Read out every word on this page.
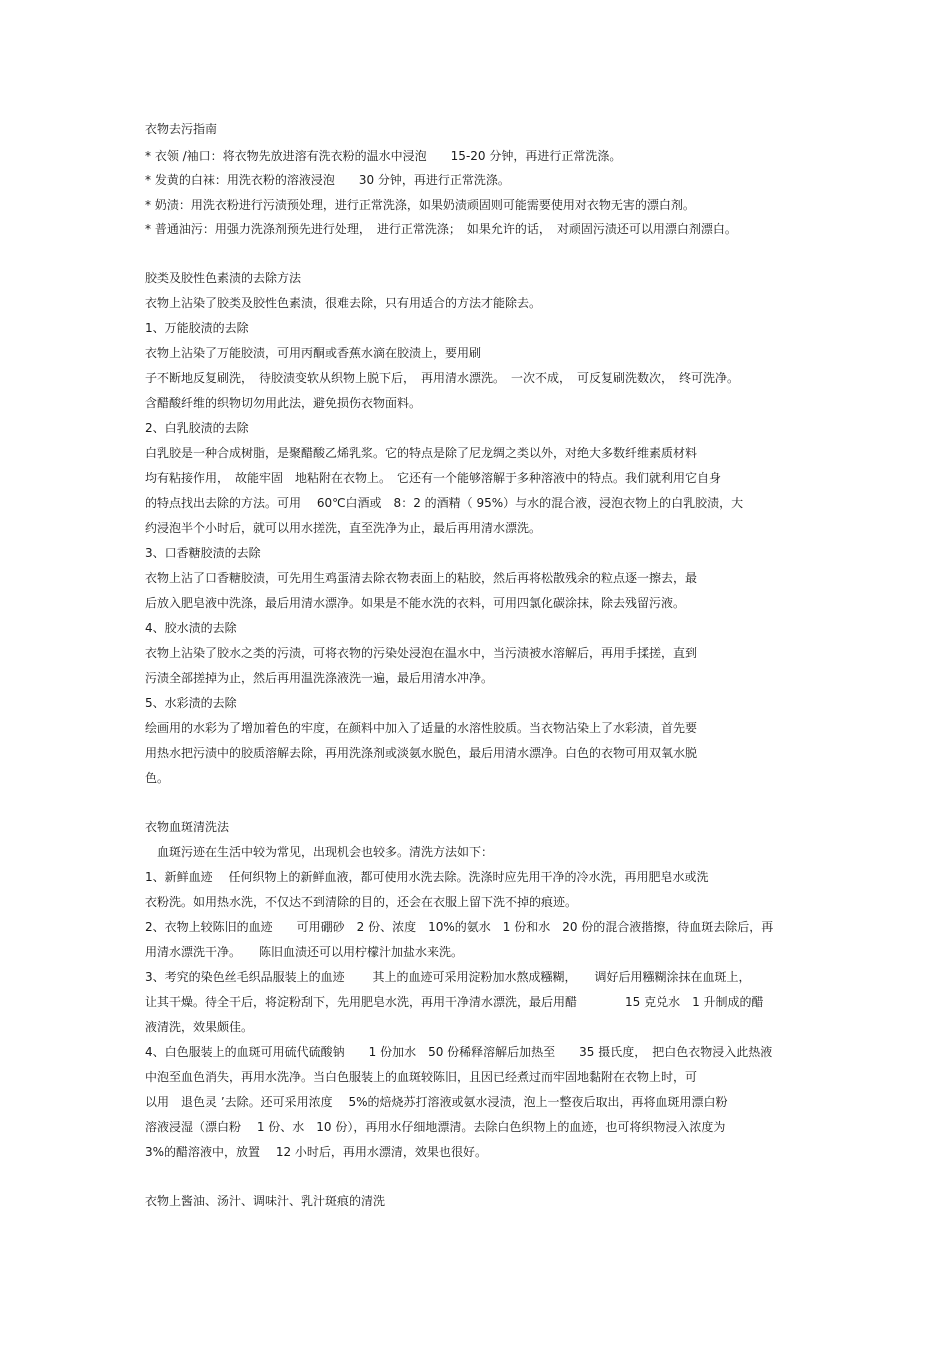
衣物去污指南
* 衣领 /袖口：将衣物先放进溶有洗衣粉的温水中浸泡　　15-20 分钟，再进行正常洗涤。
* 发黄的白袜：用洗衣粉的溶液浸泡　　30 分钟，再进行正常洗涤。
* 奶渍：用洗衣粉进行污渍预处理，进行正常洗涤，如果奶渍顽固则可能需要使用对衣物无害的漂白剂。
* 普通油污：用强力洗涤剂预先进行处理，　进行正常洗涤；　如果允许的话，　对顽固污渍还可以用漂白剂漂白。
胶类及胶性色素渍的去除方法
衣物上沾染了胶类及胶性色素渍，很难去除，只有用适合的方法才能除去。
1、万能胶渍的去除
衣物上沾染了万能胶渍，可用丙酮或香蕉水滴在胶渍上，要用刷
子不断地反复刷洗，　待胶渍变软从织物上脱下后，　再用清水漂洗。　一次不成，　可反复刷洗数次，　终可洗净。
含醋酸纤维的织物切勿用此法，避免损伤衣物面料。
2、白乳胶渍的去除
白乳胶是一种合成树脂，是聚醋酸乙烯乳浆。它的特点是除了尼龙绸之类以外，对绝大多数纤维素质材料
均有粘接作用，　故能牢固　地粘附在衣物上。　它还有一个能够溶解于多种溶液中的特点。我们就利用它自身
的特点找出去除的方法。可用　 60℃白酒或　8：2 的酒精（ 95%）与水的混合液，浸泡衣物上的白乳胶渍，大
约浸泡半个小时后，就可以用水搓洗，直至洗净为止，最后再用清水漂洗。
3、口香糖胶渍的去除
衣物上沾了口香糖胶渍，可先用生鸡蛋清去除衣物表面上的粘胶，然后再将松散残余的粒点逐一擦去，最
后放入肥皂液中洗涤，最后用清水漂净。如果是不能水洗的衣料，可用四氯化碳涂抹，除去残留污液。
4、胶水渍的去除
衣物上沾染了胶水之类的污渍，可将衣物的污染处浸泡在温水中，当污渍被水溶解后，再用手揉搓，直到
污渍全部搓掉为止，然后再用温洗涤液洗一遍，最后用清水冲净。
5、水彩渍的去除
绘画用的水彩为了增加着色的牢度，在颜料中加入了适量的水溶性胶质。当衣物沾染上了水彩渍，首先要
用热水把污渍中的胶质溶解去除，再用洗涤剂或淡氨水脱色，最后用清水漂净。白色的衣物可用双氧水脱
色。
衣物血斑清洗法
　血斑污迹在生活中较为常见，出现机会也较多。清洗方法如下：
1、新鲜血迹　 任何织物上的新鲜血液，都可使用水洗去除。洗涤时应先用干净的冷水洗，再用肥皂水或洗
衣粉洗。如用热水洗，不仅达不到清除的目的，还会在衣服上留下洗不掉的痕迹。
2、衣物上较陈旧的血迹　　可用硼砂　2 份、浓度　10%的氨水　1 份和水　20 份的混合液揩擦，待血斑去除后，再
用清水漂洗干净。　　陈旧血渍还可以用柠檬汁加盐水来洗。
3、考究的染色丝毛织品服装上的血迹　　 其上的血迹可采用淀粉加水熬成糨糊，　　调好后用糨糊涂抹在血斑上，
让其干燥。待全干后，将淀粉刮下，先用肥皂水洗，再用干净清水漂洗，最后用醋　　　　15 克兑水　1 升制成的醋
液清洗，效果颇佳。
4、白色服装上的血斑可用硫代硫酸钠　　1 份加水　50 份稀释溶解后加热至　　35 摄氏度，　把白色衣物浸入此热液
中泡至血色消失，再用水洗净。当白色服装上的血斑较陈旧，且因已经煮过而牢固地黏附在衣物上时，可
以用　退色灵 ’去除。还可采用浓度　 5%的焙烧苏打溶液或氨水浸渍，泡上一整夜后取出，再将血斑用漂白粉
溶液浸湿（漂白粉　 1 份、水　10 份），再用水仔细地漂清。去除白色织物上的血迹，也可将织物浸入浓度为
3%的醋溶液中，放置　 12 小时后，再用水漂清，效果也很好。
衣物上酱油、汤汁、调味汁、乳汁斑痕的清洗
